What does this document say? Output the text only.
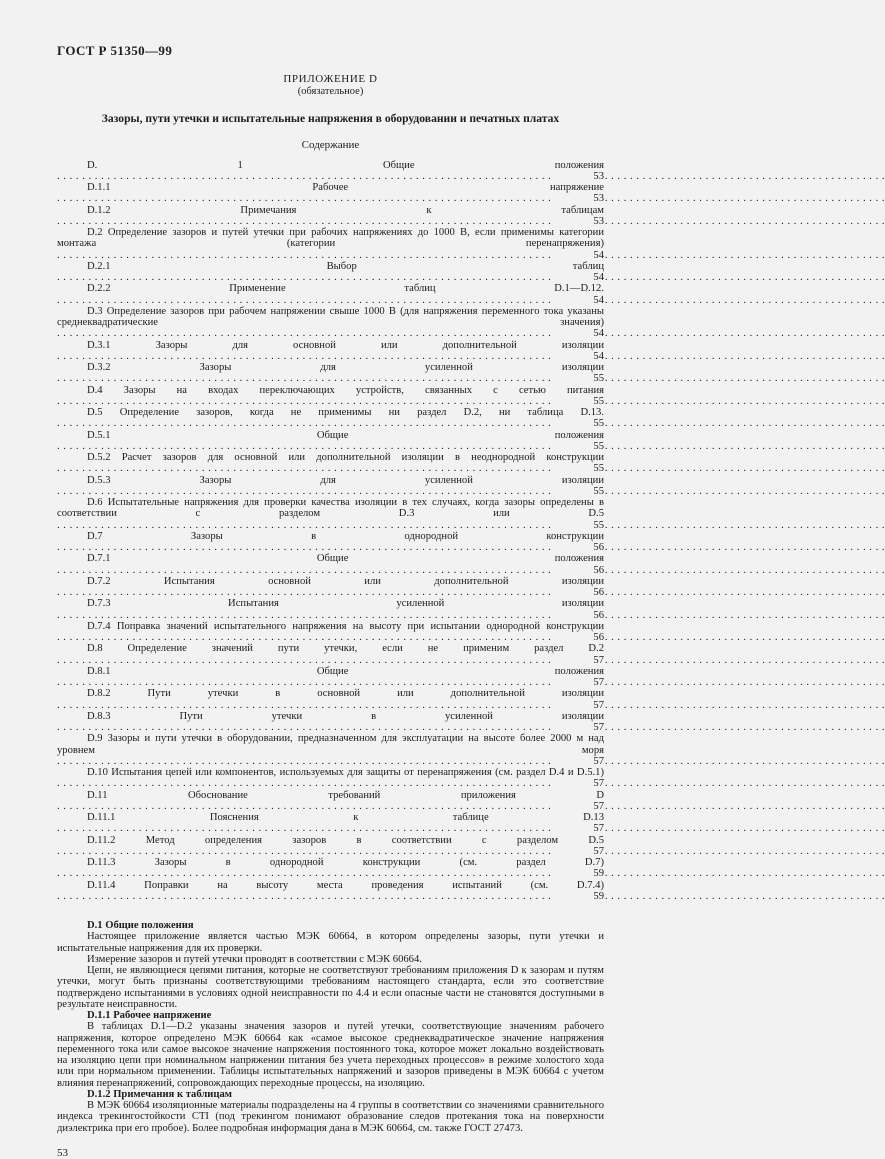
ГОСТ Р 51350—99
ПРИЛОЖЕНИЕ D
(обязательное)
Зазоры, пути утечки и испытательные напряжения в оборудовании и печатных платах
Содержание
D. 1 Общие положения . . .
53
D.1.1 Рабочее напряжение . . .
53
D.1.2 Примечания к таблицам . . .
53
D.2 Определение зазоров и путей утечки при рабочих напряжениях до 1000 В, если применимы категории монтажа (категории перенапряжения) . . .
54
D.2.1 Выбор таблиц . . .
54
D.2.2 Применение таблиц D.1—D.12. . . .
54
D.3 Определение зазоров при рабочем напряжении свыше 1000 В (для напряжения переменного тока указаны среднеквадратические значения) . . .
54
D.3.1 Зазоры для основной или дополнительной изоляции . . .
54
D.3.2 Зазоры для усиленной изоляции . . .
55
D.4 Зазоры на входах переключающих устройств, связанных с сетью питания . . .
55
D.5 Определение зазоров, когда не применимы ни раздел D.2, ни таблица D.13. . . .
55
D.5.1 Общие положения . . .
55
D.5.2 Расчет зазоров для основной или дополнительной изоляции в неоднородной конструкции . . .
55
D.5.3 Зазоры для усиленной изоляции . . .
55
D.6 Испытательные напряжения для проверки качества изоляции в тех случаях, когда зазоры определены в соответствии с разделом D.3 или D.5 . . .
55
D.7 Зазоры в однородной конструкции . . .
56
D.7.1 Общие положения . . .
56
D.7.2 Испытания основной или дополнительной изоляции . . .
56
D.7.3 Испытания усиленной изоляции . . .
56
D.7.4 Поправка значений испытательного напряжения на высоту при испытании однородной конструкции . . .
56
D.8 Определение значений пути утечки, если не применим раздел D.2 . . .
57
D.8.1 Общие положения . . .
57
D.8.2 Пути утечки в основной или дополнительной изоляции . . .
57
D.8.3 Пути утечки в усиленной изоляции . . .
57
D.9 Зазоры и пути утечки в оборудовании, предназначенном для эксплуатации на высоте более 2000 м над уровнем моря . . .
57
D.10 Испытания цепей или компонентов, используемых для защиты от перенапряжения (см. раздел D.4 и D.5.1) . . .
57
D.11 Обоснование требований приложения D . . .
57
D.11.1 Пояснения к таблице D.13 . . .
57
D.11.2 Метод определения зазоров в соответствии с разделом D.5 . . .
57
D.11.3 Зазоры в однородной конструкции (см. раздел D.7) . . .
59
D.11.4 Поправки на высоту места проведения испытаний (см. D.7.4) . . .
59

D.1 Общие положения

Настоящее приложение является частью МЭК 60664, в котором определены зазоры, пути утечки и испытательные напряжения для их проверки.

Измерение зазоров и путей утечки проводят в соответствии с МЭК 60664.

Цепи, не являющиеся цепями питания, которые не соответствуют требованиям приложения D к зазорам и путям утечки, могут быть признаны соответствующими требованиям настоящего стандарта, если это соответствие подтверждено испытаниями в условиях одной неисправности по 4.4 и если опасные части не становятся доступными в результате неисправности.

D.1.1 Рабочее напряжение

В таблицах D.1—D.2 указаны значения зазоров и путей утечки, соответствующие значениям рабочего напряжения, которое определено МЭК 60664 как «самое высокое среднеквадратическое значение напряжения переменного тока или самое высокое значение напряжения постоянного тока, которое может локально воздействовать на изоляцию цепи при номинальном напряжении питания без учета переходных процессов» в режиме холостого хода или при нормальном применении. Таблицы испытательных напряжений и зазоров приведены в МЭК 60664 с учетом влияния перенапряжений, сопровождающих переходные процессы, на изоляцию.

D.1.2 Примечания к таблицам

В МЭК 60664 изоляционные материалы подразделены на 4 группы в соответствии со значениями сравнительного индекса трекингостойкости CTI (под трекингом понимают образование следов протекания тока на поверхности диэлектрика при его пробое). Более подробная информация дана в МЭК 60664, см. также ГОСТ 27473.

53
